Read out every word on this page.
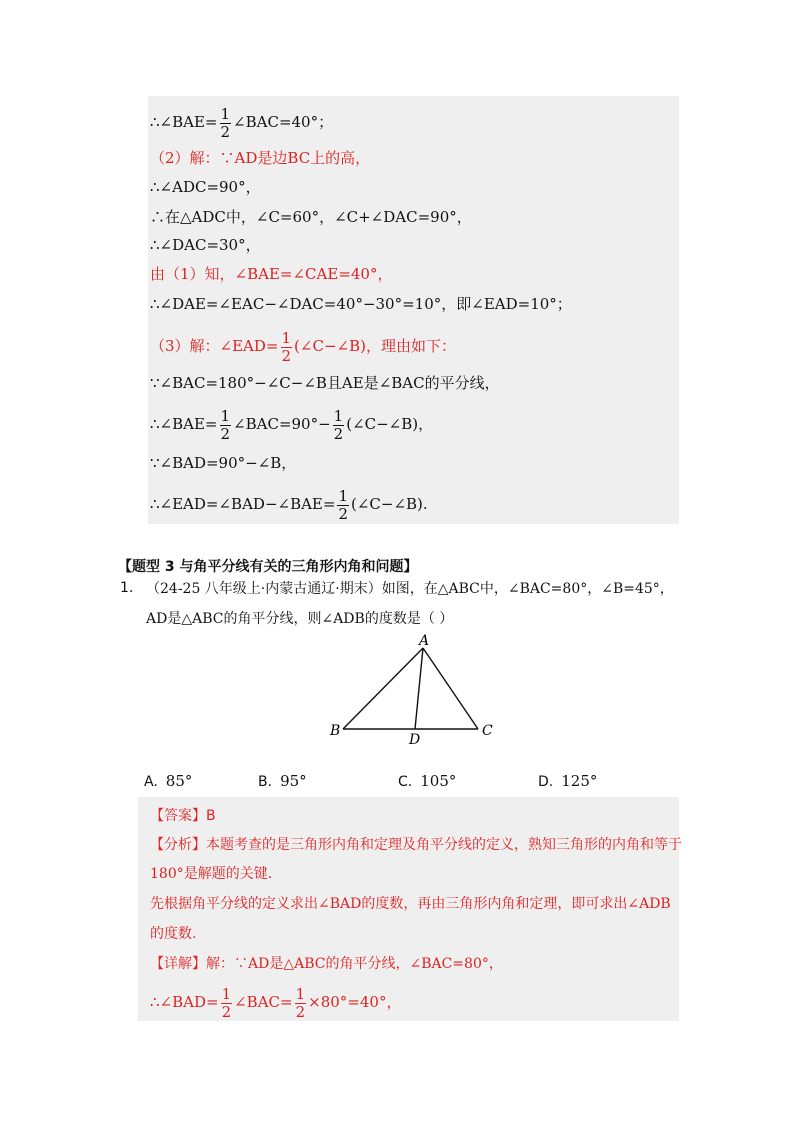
∴∠BAE= $\frac{1}{2}$ ∠BAC=40°；
（2）解：∵AD是边BC上的高，
∴∠ADC=90°，
∴在△ADC中，∠C=60°，∠C+∠DAC=90°，
∴∠DAC=30°，
由（1）知，∠BAE=∠CAE=40°，
∴∠DAE=∠EAC−∠DAC=40°−30°=10°，即∠EAD=10°；
（3）解：∠EAD= $\frac{1}{2}$ (∠C−∠B)，理由如下：
∵∠BAC=180°−∠C−∠B且AE是∠BAC的平分线，
∴∠BAE= $\frac{1}{2}$ ∠BAC=90°− $\frac{1}{2}$ (∠C−∠B)，
∵∠BAD=90°−∠B，
∴∠EAD=∠BAD−∠BAE= $\frac{1}{2}$ (∠C−∠B).
【题型 3 与角平分线有关的三角形内角和问题】
1. （24-25 八年级上·内蒙古通辽·期末）如图，在△ABC中，∠BAC=80°，∠B=45°，
AD是△ABC的角平分线，则∠ADB的度数是（ ）
A
B	C
D
A. 85°	B. 95°	C. 105°	D. 125°
【答案】B
【分析】本题考查的是三角形内角和定理及角平分线的定义，熟知三角形的内角和等于
180°是解题的关键.
先根据角平分线的定义求出∠BAD的度数，再由三角形内角和定理，即可求出∠ADB
的度数.
【详解】解：∵AD是△ABC的角平分线，∠BAC=80°，
∴∠BAD= $\frac{1}{2}$ ∠BAC= $\frac{1}{2} \times 80^\circ=40^\circ$，
